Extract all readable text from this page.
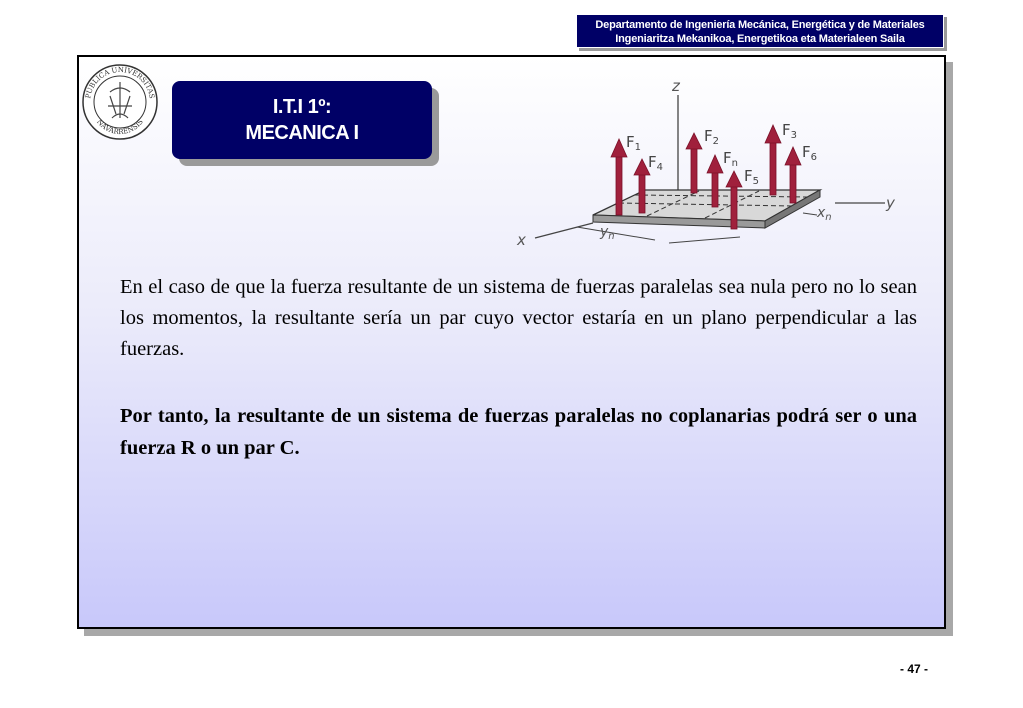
Departamento de Ingeniería Mecánica, Energética y de Materiales
Ingeniaritza Mekanikoa, Energetikoa eta Materialeen Saila
PUBLICA UNIVERSITAS
NAVARRENSIS
I.T.I 1º:
MECANICA I
z
y
x	$y_n$
$x_n$
$F_1$
$F_4$
$F_2$
$F_n$
$F_5$
$F_3$
$F_6$

En el caso de que la fuerza resultante de un sistema de fuerzas paralelas sea nula pero no lo sean los momentos, la resultante sería un par cuyo vector estaría en un plano perpendicular a las fuerzas.

Por tanto, la resultante de un sistema de fuerzas paralelas no coplanarias podrá ser o una fuerza R o un par C.

- 47 -
